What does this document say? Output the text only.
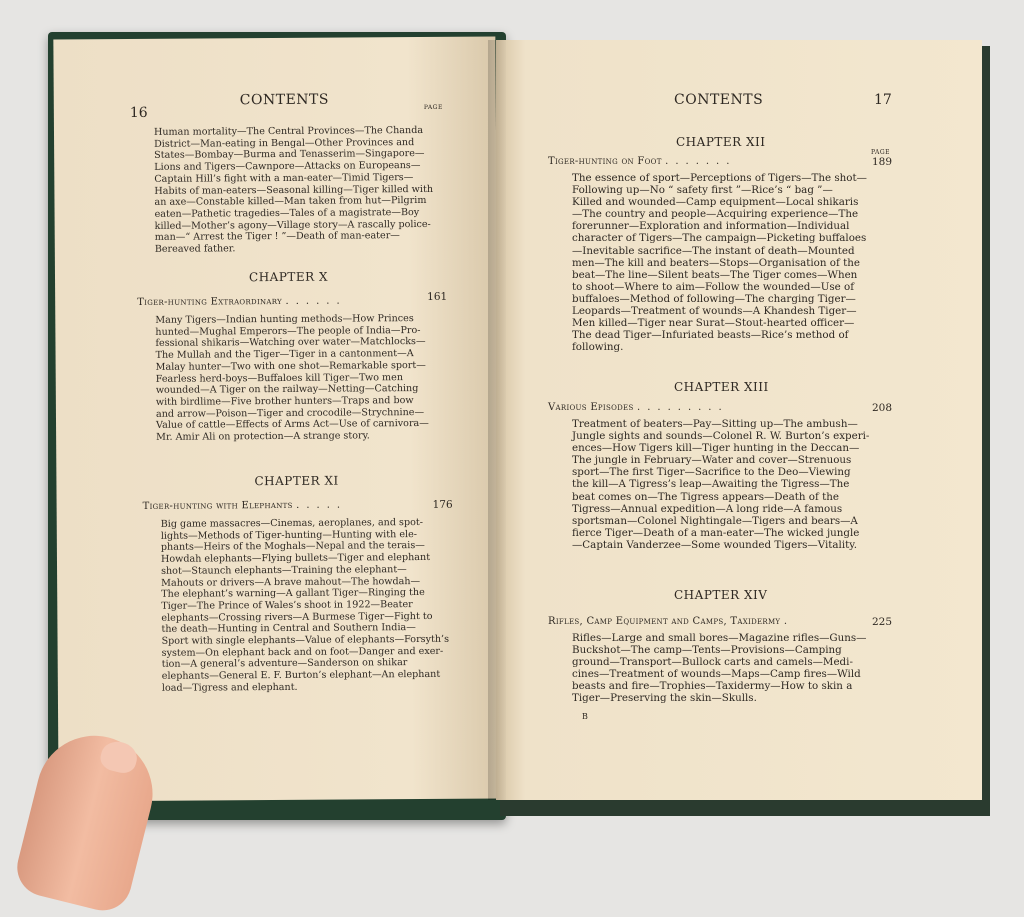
16
CONTENTS	PAGE
Human mortality—The Central Provinces—The Chanda
District—Man-eating in Bengal—Other Provinces and
States—Bombay—Burma and Tenasserim—Singapore—
Lions and Tigers—Cawnpore—Attacks on Europeans—
Captain Hill’s fight with a man-eater—Timid Tigers—
Habits of man-eaters—Seasonal killing—Tiger killed with
an axe—Constable killed—Man taken from hut—Pilgrim
eaten—Pathetic tragedies—Tales of a magistrate—Boy
killed—Mother’s agony—Village story—A rascally police-
man—“ Arrest the Tiger ! ”—Death of man-eater—
Bereaved father.
CHAPTER X
Tiger-hunting Extraordinary ......	161
Many Tigers—Indian hunting methods—How Princes
hunted—Mughal Emperors—The people of India—Pro-
fessional shikaris—Watching over water—Matchlocks—
The Mullah and the Tiger—Tiger in a cantonment—A
Malay hunter—Two with one shot—Remarkable sport—
Fearless herd-boys—Buffaloes kill Tiger—Two men
wounded—A Tiger on the railway—Netting—Catching
with birdlime—Five brother hunters—Traps and bow
and arrow—Poison—Tiger and crocodile—Strychnine—
Value of cattle—Effects of Arms Act—Use of carnivora—
Mr. Amir Ali on protection—A strange story.
CHAPTER XI
Tiger-hunting with Elephants .....	176
Big game massacres—Cinemas, aeroplanes, and spot-
lights—Methods of Tiger-hunting—Hunting with ele-
phants—Heirs of the Moghals—Nepal and the terais—
Howdah elephants—Flying bullets—Tiger and elephant
shot—Staunch elephants—Training the elephant—
Mahouts or drivers—A brave mahout—The howdah—
The elephant’s warning—A gallant Tiger—Ringing the
Tiger—The Prince of Wales’s shoot in 1922—Beater
elephants—Crossing rivers—A Burmese Tiger—Fight to
the death—Hunting in Central and Southern India—
Sport with single elephants—Value of elephants—Forsyth’s
system—On elephant back and on foot—Danger and exer-
tion—A general’s adventure—Sanderson on shikar
elephants—General E. F. Burton’s elephant—An elephant
load—Tigress and elephant.
CONTENTS	17
CHAPTER XII
PAGE
Tiger-hunting on Foot .......	189
The essence of sport—Perceptions of Tigers—The shot—
Following up—No “ safety first ”—Rice’s “ bag ”—
Killed and wounded—Camp equipment—Local shikaris
—The country and people—Acquiring experience—The
forerunner—Exploration and information—Individual
character of Tigers—The campaign—Picketing buffaloes
—Inevitable sacrifice—The instant of death—Mounted
men—The kill and beaters—Stops—Organisation of the
beat—The line—Silent beats—The Tiger comes—When
to shoot—Where to aim—Follow the wounded—Use of
buffaloes—Method of following—The charging Tiger—
Leopards—Treatment of wounds—A Khandesh Tiger—
Men killed—Tiger near Surat—Stout-hearted officer—
The dead Tiger—Infuriated beasts—Rice’s method of
following.
CHAPTER XIII
Various Episodes .........	208
Treatment of beaters—Pay—Sitting up—The ambush—
Jungle sights and sounds—Colonel R. W. Burton’s experi-
ences—How Tigers kill—Tiger hunting in the Deccan—
The jungle in February—Water and cover—Strenuous
sport—The first Tiger—Sacrifice to the Deo—Viewing
the kill—A Tigress’s leap—Awaiting the Tigress—The
beat comes on—The Tigress appears—Death of the
Tigress—Annual expedition—A long ride—A famous
sportsman—Colonel Nightingale—Tigers and bears—A
fierce Tiger—Death of a man-eater—The wicked jungle
—Captain Vanderzee—Some wounded Tigers—Vitality.
CHAPTER XIV
Rifles, Camp Equipment and Camps, Taxidermy .	225
Rifles—Large and small bores—Magazine rifles—Guns—
Buckshot—The camp—Tents—Provisions—Camping
ground—Transport—Bullock carts and camels—Medi-
cines—Treatment of wounds—Maps—Camp fires—Wild
beasts and fire—Trophies—Taxidermy—How to skin a
Tiger—Preserving the skin—Skulls.
B
